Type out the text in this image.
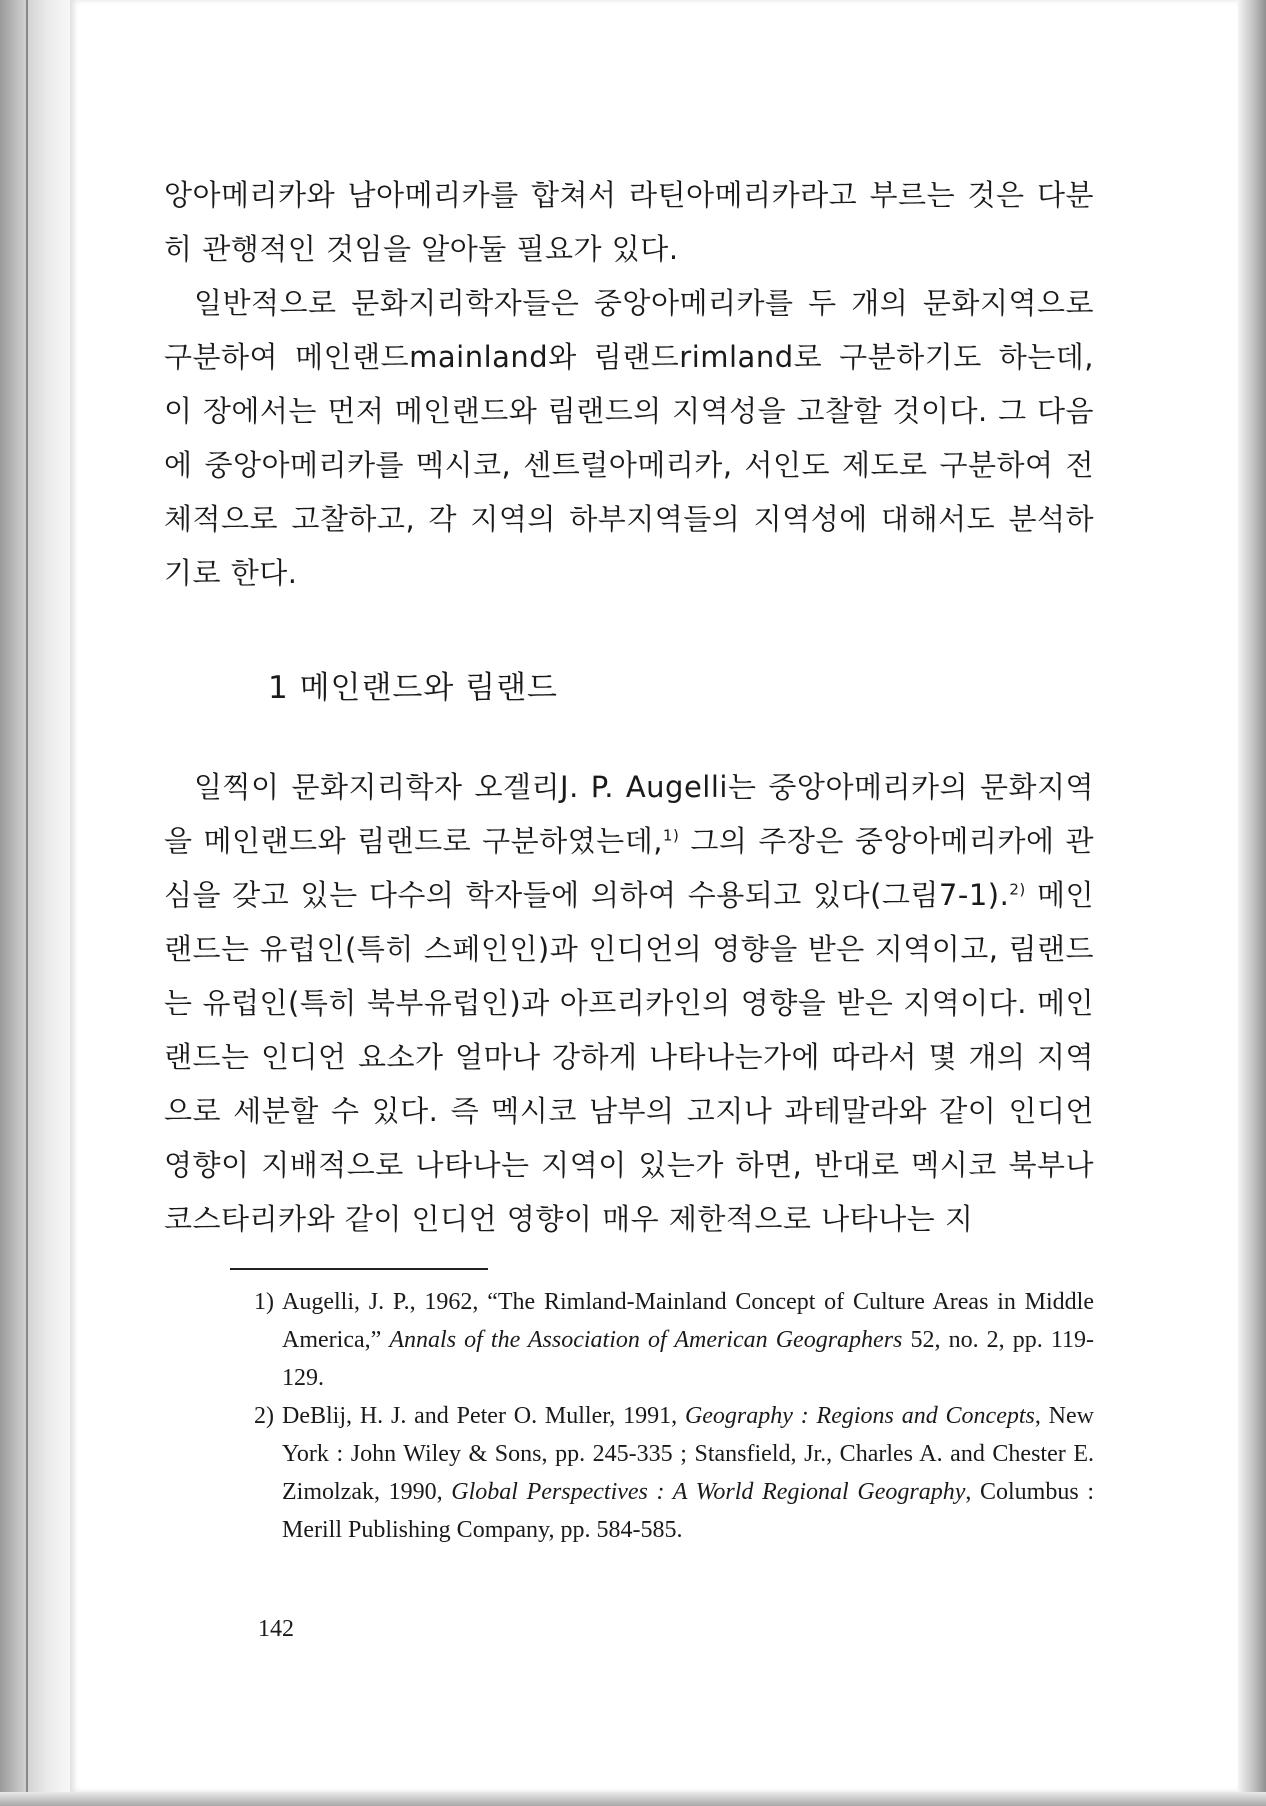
앙아메리카와 남아메리카를 합쳐서 라틴아메리카라고 부르는 것은 다분히 관행적인 것임을 알아둘 필요가 있다.

일반적으로 문화지리학자들은 중앙아메리카를 두 개의 문화지역으로 구분하여 메인랜드mainland와 림랜드rimland로 구분하기도 하는데, 이 장에서는 먼저 메인랜드와 림랜드의 지역성을 고찰할 것이다. 그 다음에 중앙아메리카를 멕시코, 센트럴아메리카, 서인도 제도로 구분하여 전체적으로 고찰하고, 각 지역의 하부지역들의 지역성에 대해서도 분석하기로 한다.

1 메인랜드와 림랜드

일찍이 문화지리학자 오겔리J. P. Augelli는 중앙아메리카의 문화지역을 메인랜드와 림랜드로 구분하였는데,$^{1)}$ 그의 주장은 중앙아메리카에 관심을 갖고 있는 다수의 학자들에 의하여 수용되고 있다(그림7-1).$^{2)}$ 메인랜드는 유럽인(특히 스페인인)과 인디언의 영향을 받은 지역이고, 림랜드는 유럽인(특히 북부유럽인)과 아프리카인의 영향을 받은 지역이다. 메인랜드는 인디언 요소가 얼마나 강하게 나타나는가에 따라서 몇 개의 지역으로 세분할 수 있다. 즉 멕시코 남부의 고지나 과테말라와 같이 인디언 영향이 지배적으로 나타나는 지역이 있는가 하면, 반대로 멕시코 북부나 코스타리카와 같이 인디언 영향이 매우 제한적으로 나타나는 지

1) Augelli, J. P., 1962, “The Rimland-Mainland Concept of Culture Areas in Middle America,” Annals of the Association of American Geographers 52, no. 2, pp. 119-129.
2) DeBlij, H. J. and Peter O. Muller, 1991, Geography : Regions and Concepts, New York : John Wiley & Sons, pp. 245-335 ; Stansfield, Jr., Charles A. and Chester E. Zimolzak, 1990, Global Perspectives : A World Regional Geography, Columbus : Merill Publishing Company, pp. 584-585.

142
